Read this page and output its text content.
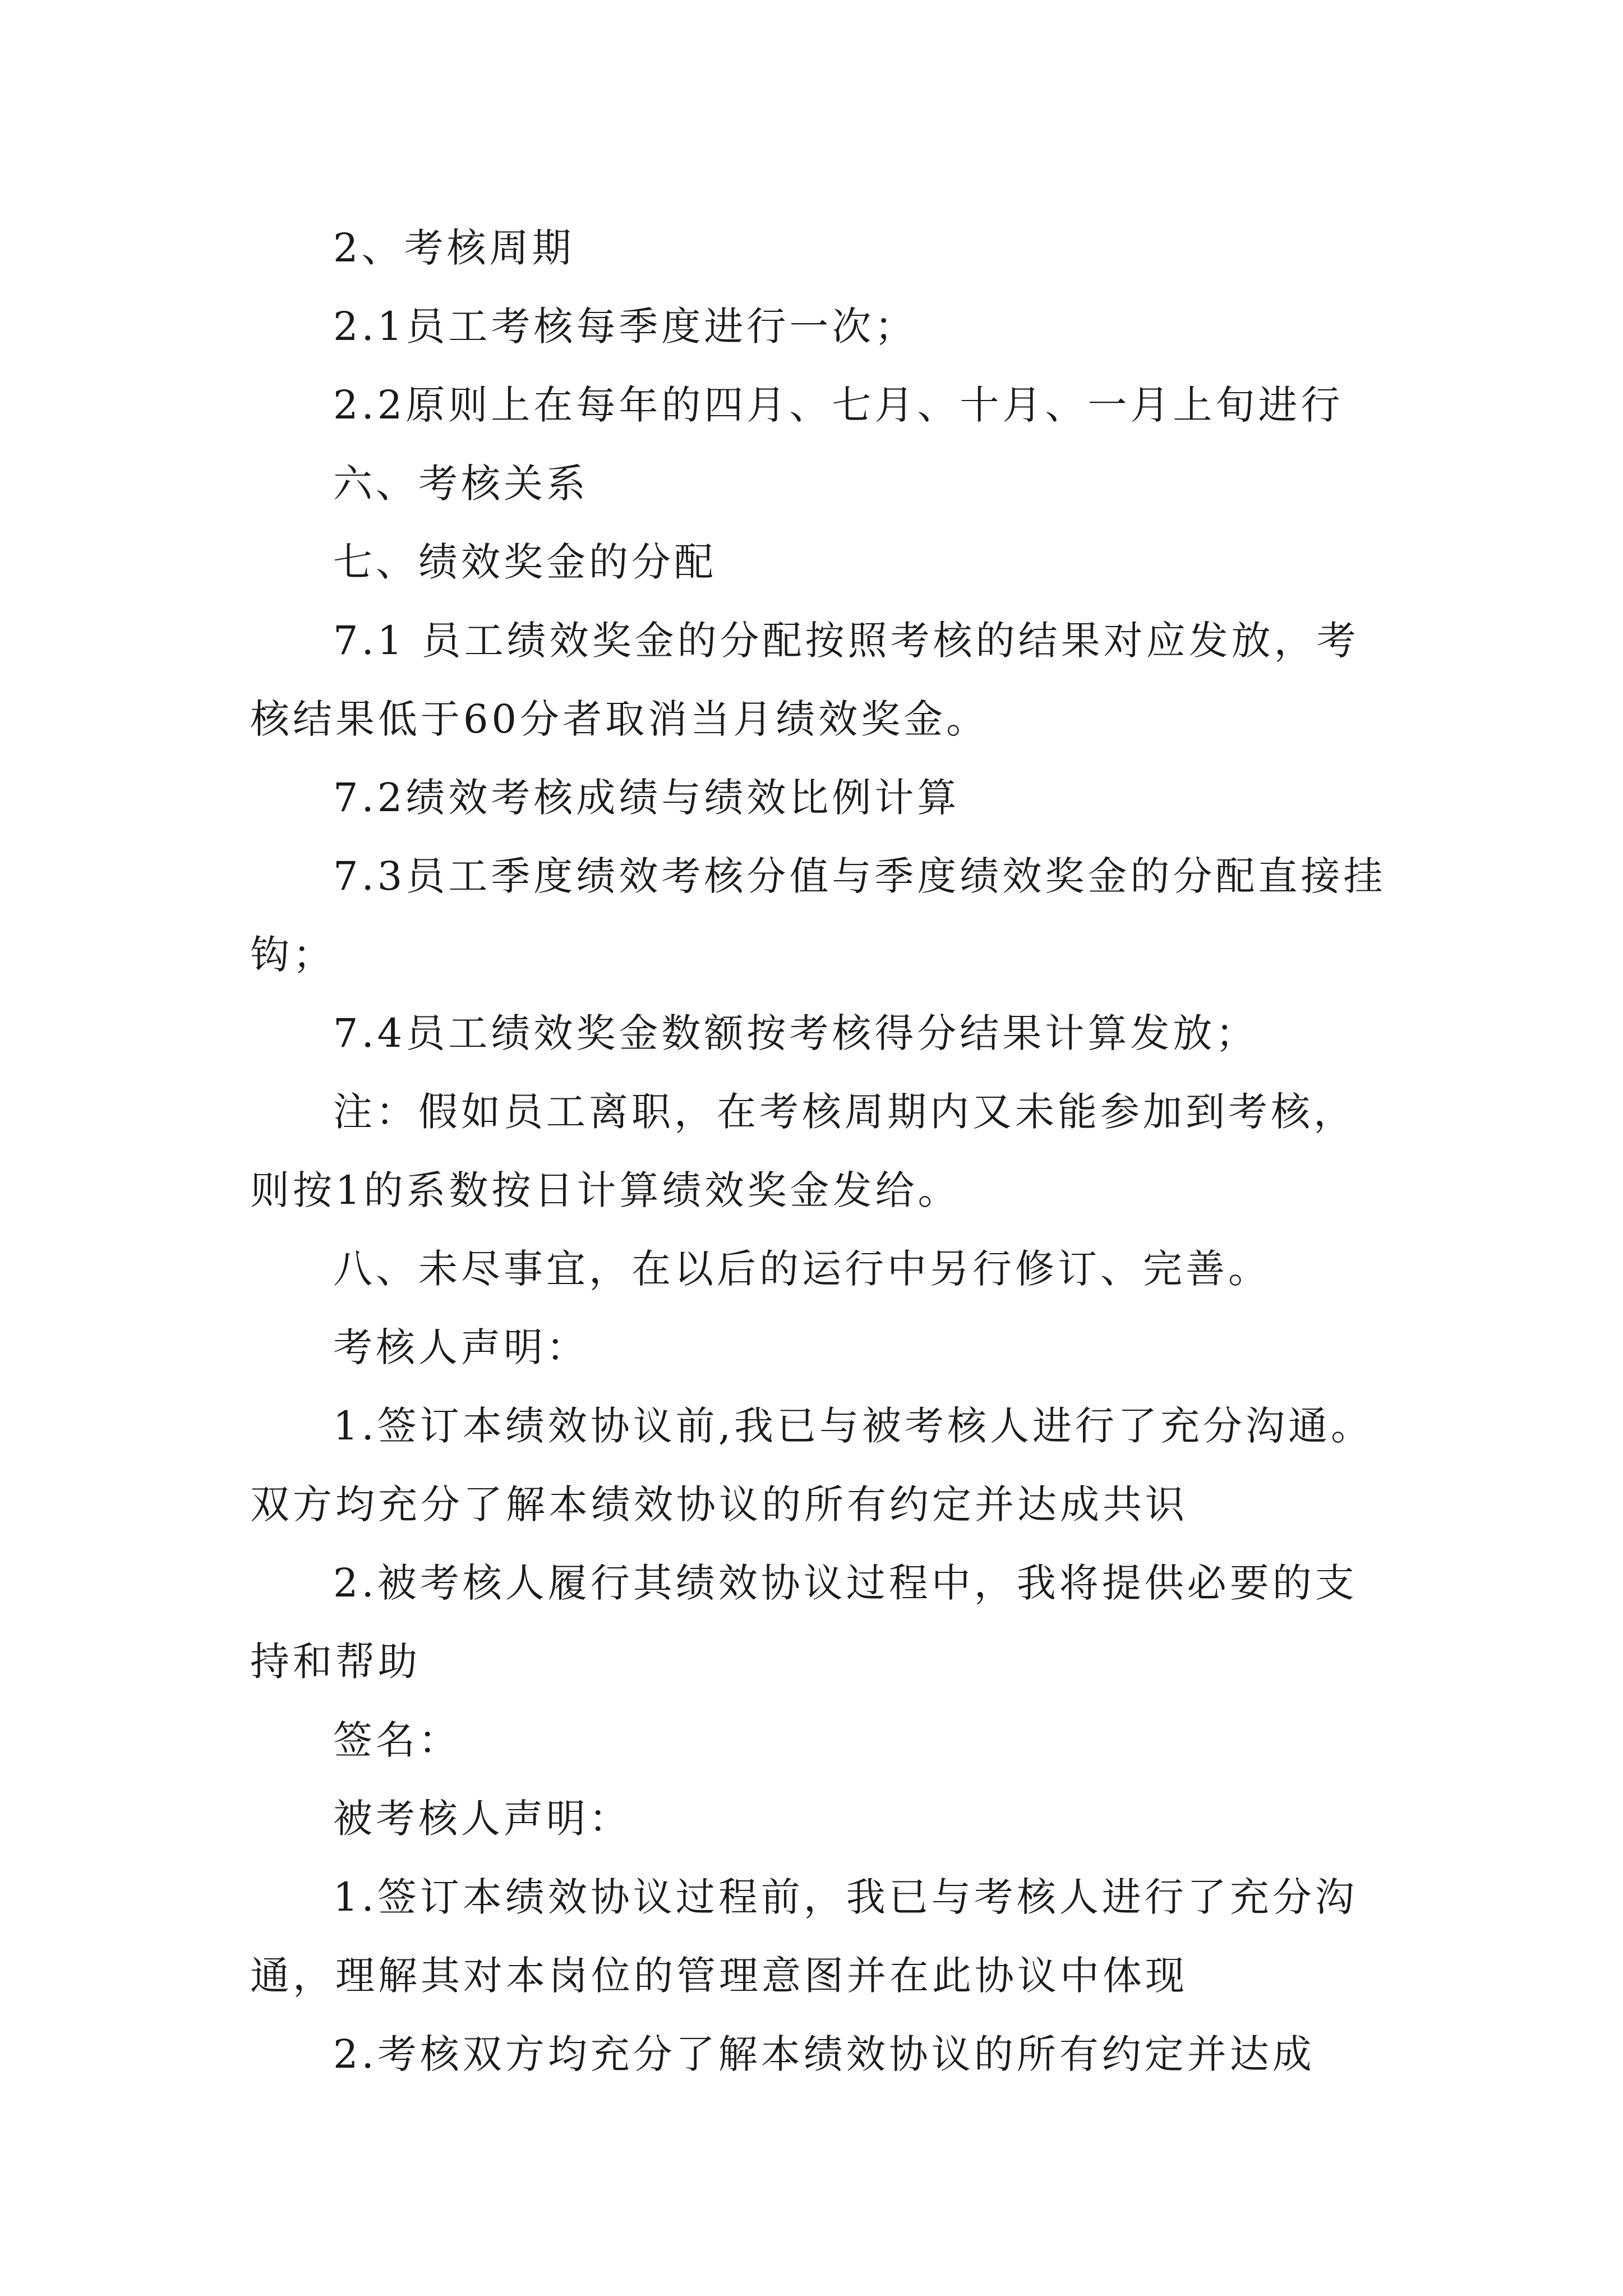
2、考核周期

2.1员工考核每季度进行一次；

2.2原则上在每年的四月、七月、十月、一月上旬进行

六、考核关系

七、绩效奖金的分配

7.1 员工绩效奖金的分配按照考核的结果对应发放，考核结果低于60分者取消当月绩效奖金。

7.2绩效考核成绩与绩效比例计算

7.3员工季度绩效考核分值与季度绩效奖金的分配直接挂钩；

7.4员工绩效奖金数额按考核得分结果计算发放；

注：假如员工离职，在考核周期内又未能参加到考核，则按1的系数按日计算绩效奖金发给。

八、未尽事宜，在以后的运行中另行修订、完善。

考核人声明：

1.签订本绩效协议前,我已与被考核人进行了充分沟通。双方均充分了解本绩效协议的所有约定并达成共识

2.被考核人履行其绩效协议过程中，我将提供必要的支持和帮助

签名：

被考核人声明：

1.签订本绩效协议过程前，我已与考核人进行了充分沟通，理解其对本岗位的管理意图并在此协议中体现

2.考核双方均充分了解本绩效协议的所有约定并达成
